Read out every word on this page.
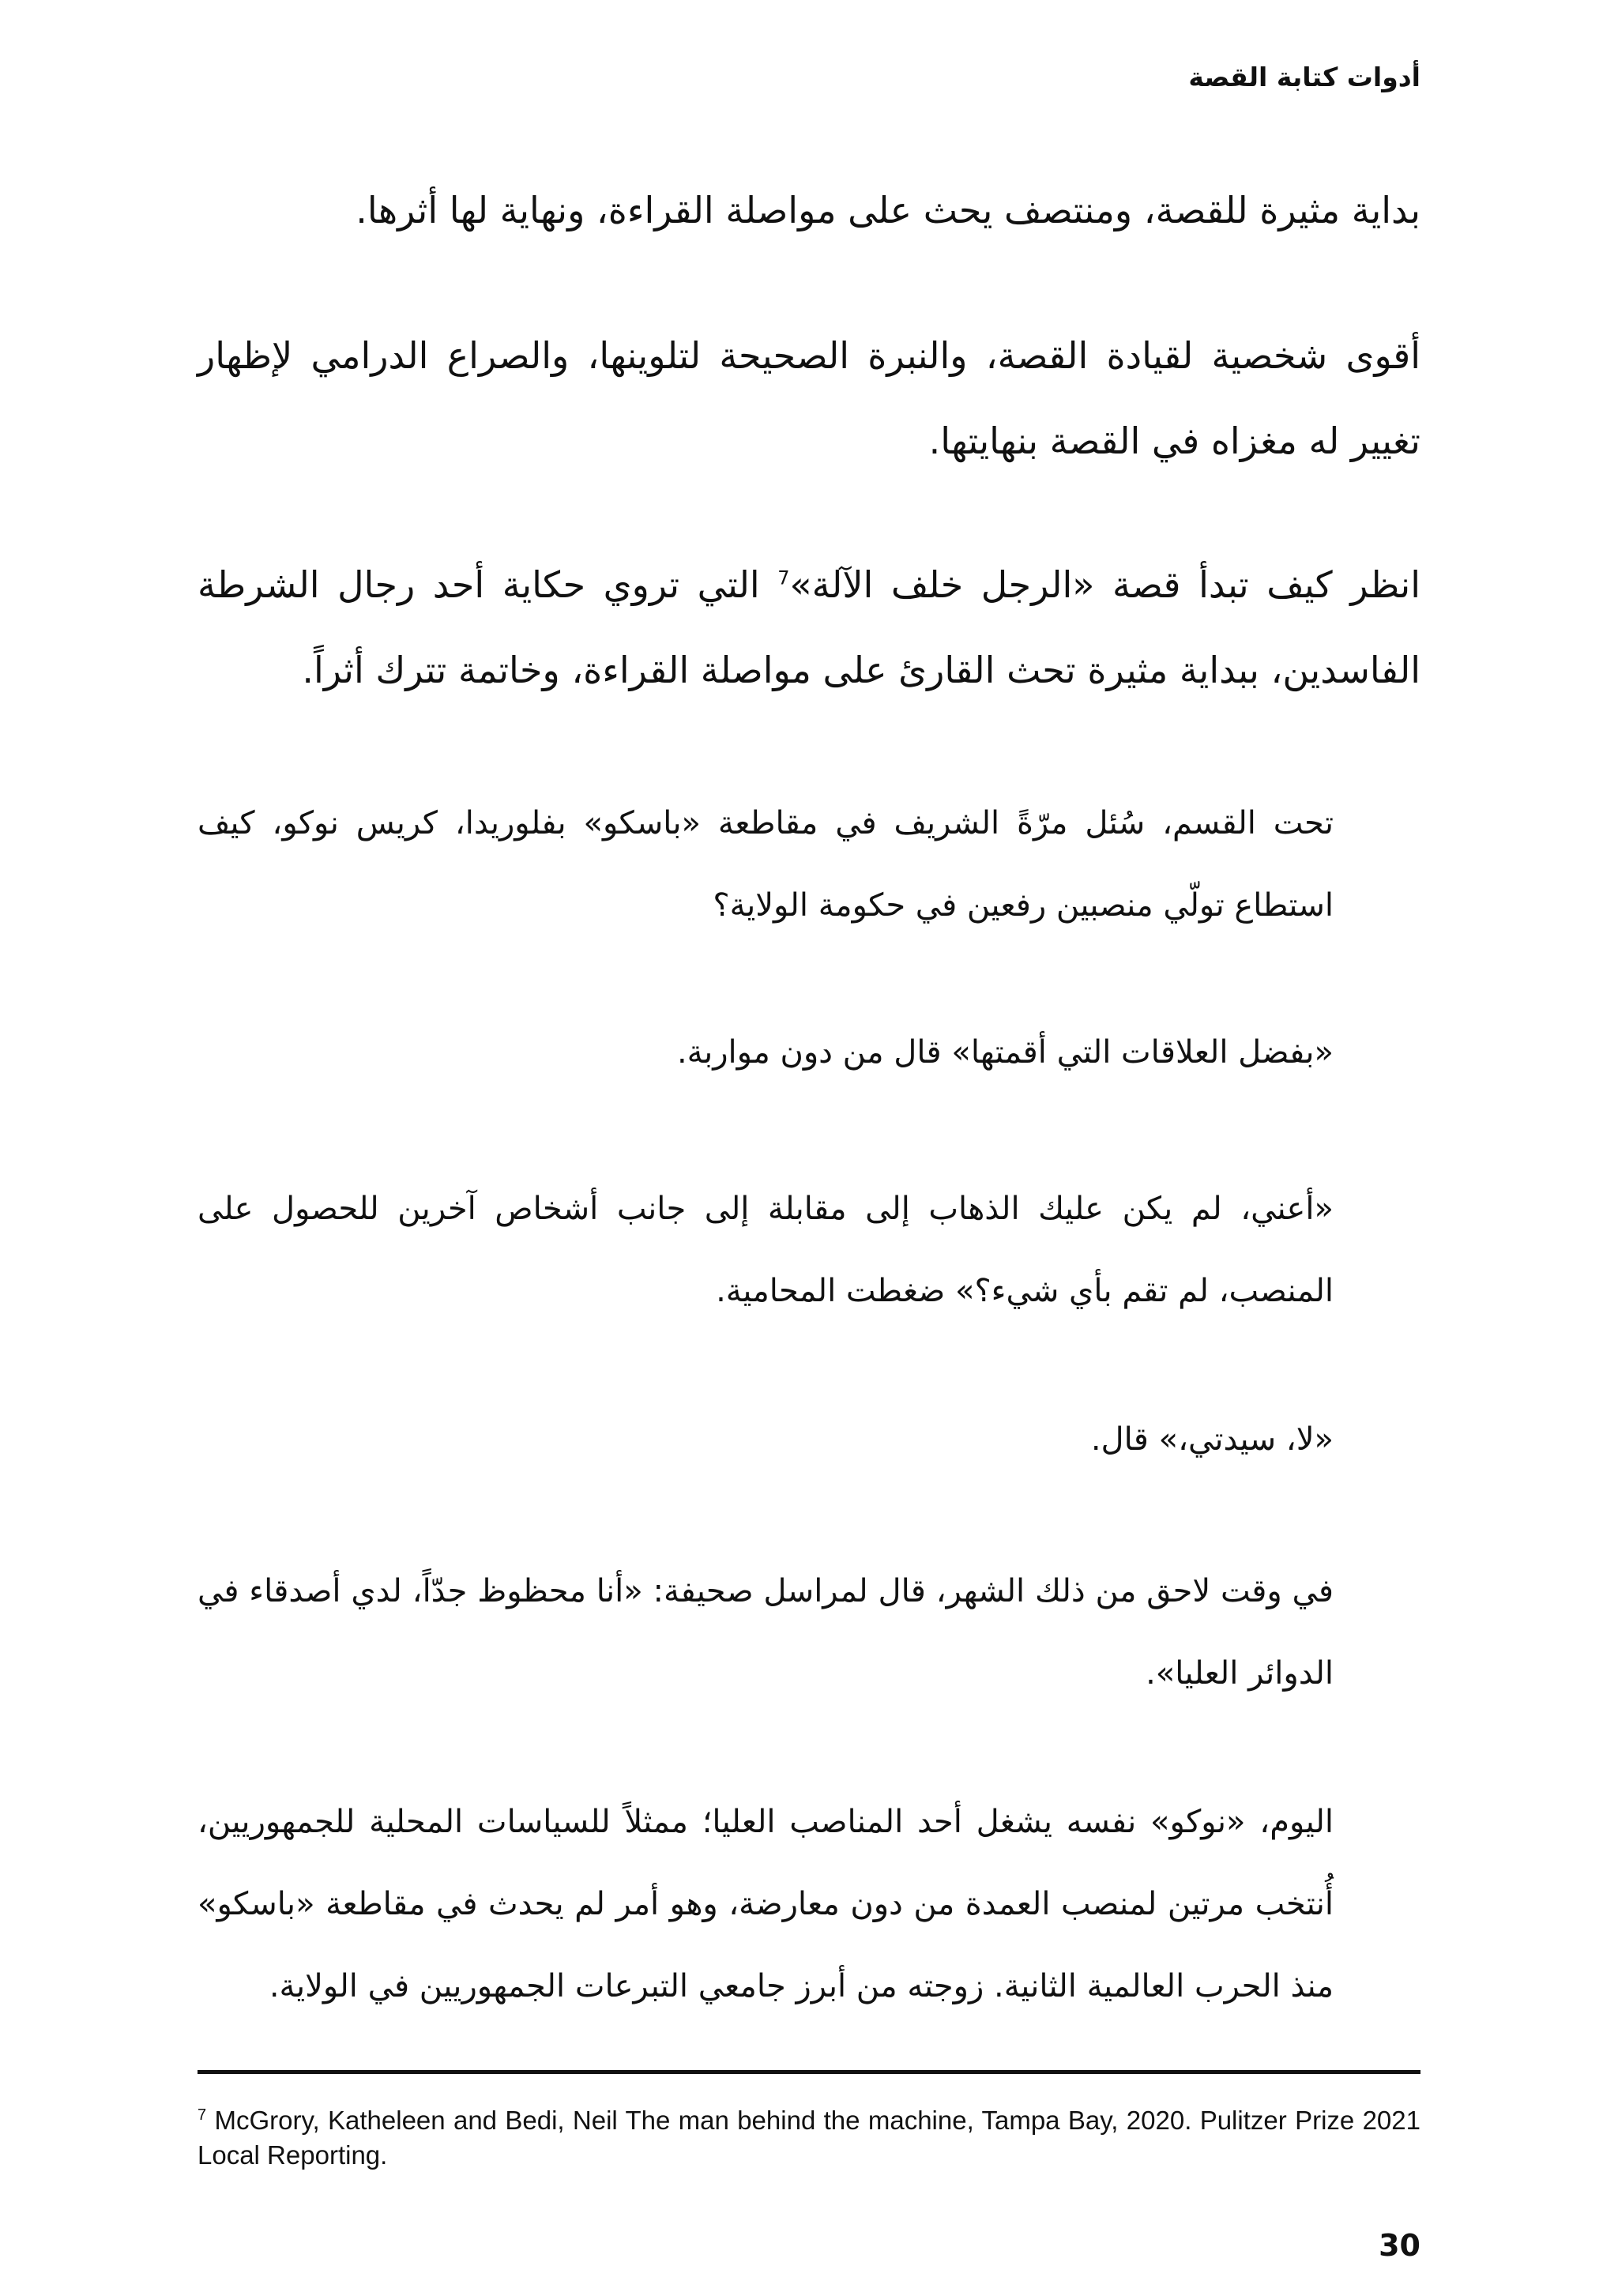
أدوات كتابة القصة

بداية مثيرة للقصة، ومنتصف يحث على مواصلة القراءة، ونهاية لها أثرها.

أقوى شخصية لقيادة القصة، والنبرة الصحيحة لتلوينها، والصراع الدرامي لإظهار تغيير له مغزاه في القصة بنهايتها.

انظر كيف تبدأ قصة «الرجل خلف الآلة»$^7$ التي تروي حكاية أحد رجال الشرطة الفاسدين، ببداية مثيرة تحث القارئ على مواصلة القراءة، وخاتمة تترك أثراً.

تحت القسم، سُئل مرّةً الشريف في مقاطعة «باسكو» بفلوريدا، كريس نوكو، كيف استطاع تولّي منصبين رفعين في حكومة الولاية؟

«بفضل العلاقات التي أقمتها» قال من دون مواربة.

«أعني، لم يكن عليك الذهاب إلى مقابلة إلى جانب أشخاص آخرين للحصول على المنصب، لم تقم بأي شيء؟» ضغطت المحامية.

«لا، سيدتي،» قال.

في وقت لاحق من ذلك الشهر، قال لمراسل صحيفة: «أنا محظوظ جدّاً، لدي أصدقاء في الدوائر العليا».

اليوم، «نوكو» نفسه يشغل أحد المناصب العليا؛ ممثلاً للسياسات المحلية للجمهوريين، أُنتخب مرتين لمنصب العمدة من دون معارضة، وهو أمر لم يحدث في مقاطعة «باسكو» منذ الحرب العالمية الثانية. زوجته من أبرز جامعي التبرعات الجمهوريين في الولاية.

$^7$ McGrory, Katheleen and Bedi, Neil The man behind the machine, Tampa Bay, 2020. Pulitzer Prize 2021 Local Reporting.

30
